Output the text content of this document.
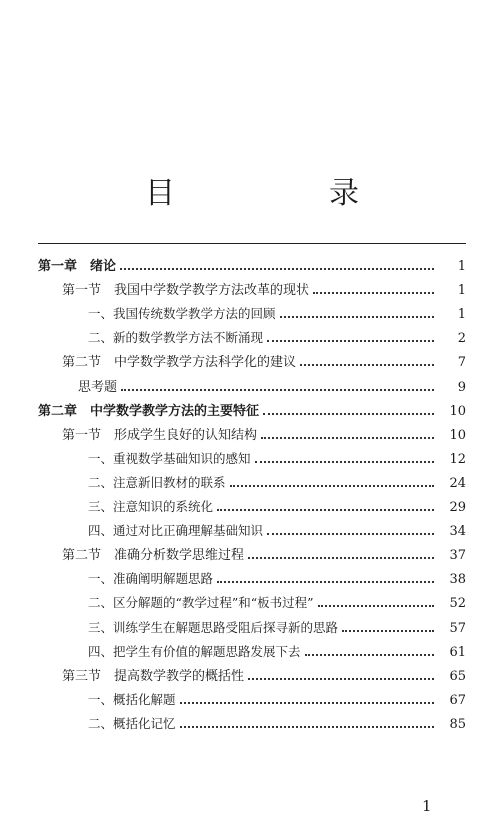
目　录
第一章　绪论	1
第一节　我国中学数学教学方法改革的现状	1
一、我国传统数学教学方法的回顾	1
二、新的数学教学方法不断涌现	2
第二节　中学数学教学方法科学化的建议	7
思考题	9
第二章　中学数学教学方法的主要特征	10
第一节　形成学生良好的认知结构	10
一、重视数学基础知识的感知	12
二、注意新旧教材的联系	24
三、注意知识的系统化	29
四、通过对比正确理解基础知识	34
第二节　准确分析数学思维过程	37
一、准确阐明解题思路	38
二、区分解题的“教学过程”和“板书过程”	52
三、训练学生在解题思路受阻后探寻新的思路	57
四、把学生有价值的解题思路发展下去	61
第三节　提高数学教学的概括性	65
一、概括化解题	67
二、概括化记忆	85
1
